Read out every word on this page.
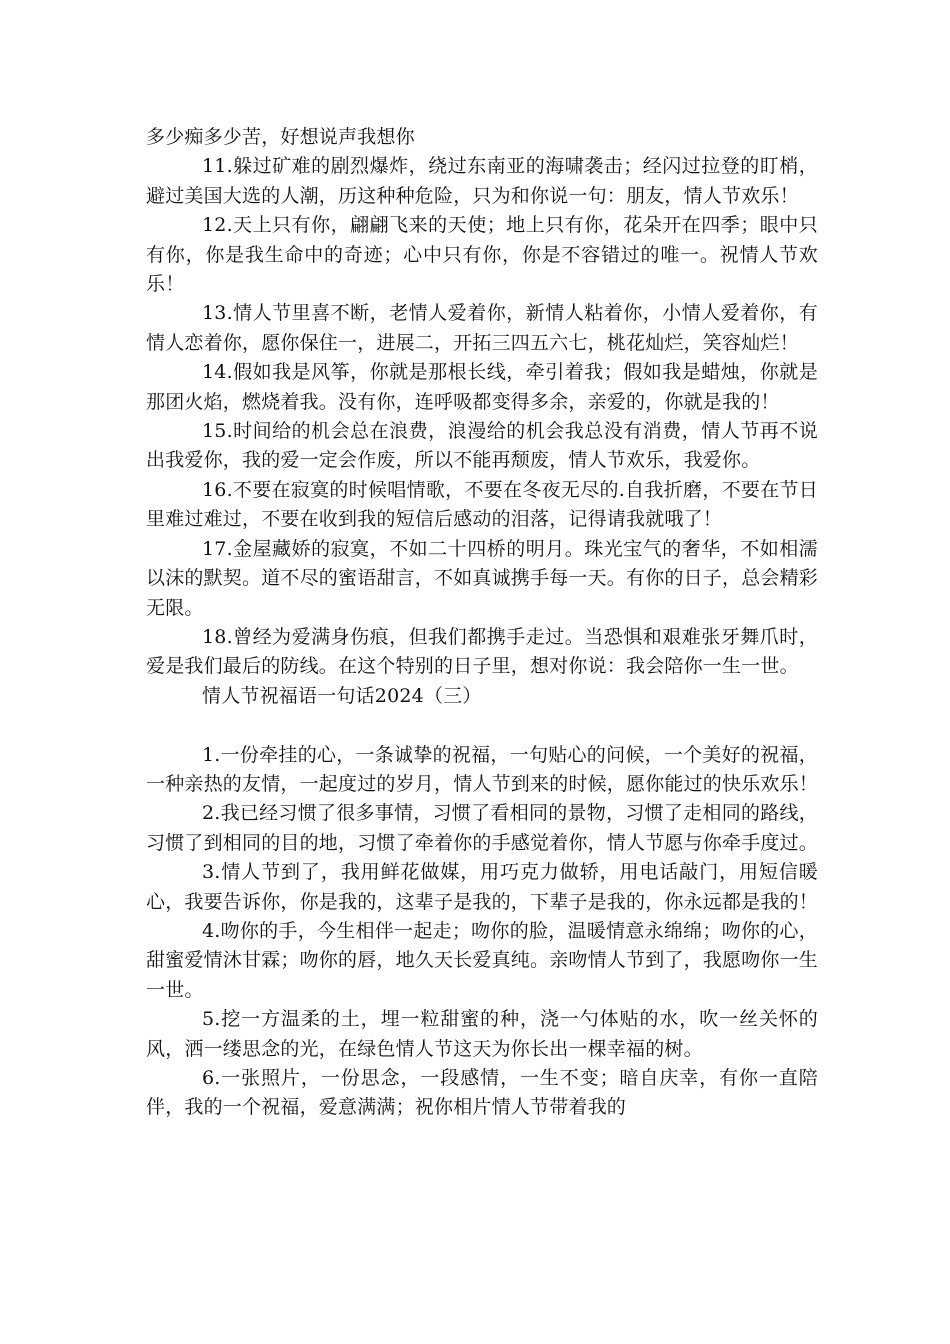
多少痴多少苦，好想说声我想你

11.躲过矿难的剧烈爆炸，绕过东南亚的海啸袭击；经闪过拉登的盯梢，避过美国大选的人潮，历这种种危险，只为和你说一句：朋友，情人节欢乐！

12.天上只有你，翩翩飞来的天使；地上只有你，花朵开在四季；眼中只有你，你是我生命中的奇迹；心中只有你，你是不容错过的唯一。祝情人节欢乐！

13.情人节里喜不断，老情人爱着你，新情人粘着你，小情人爱着你，有情人恋着你，愿你保住一，进展二，开拓三四五六七，桃花灿烂，笑容灿烂！

14.假如我是风筝，你就是那根长线，牵引着我；假如我是蜡烛，你就是那团火焰，燃烧着我。没有你，连呼吸都变得多余，亲爱的，你就是我的！

15.时间给的机会总在浪费，浪漫给的机会我总没有消费，情人节再不说出我爱你，我的爱一定会作废，所以不能再颓废，情人节欢乐，我爱你。

16.不要在寂寞的时候唱情歌，不要在冬夜无尽的.自我折磨，不要在节日里难过难过，不要在收到我的短信后感动的泪落，记得请我就哦了！

17.金屋藏娇的寂寞，不如二十四桥的明月。珠光宝气的奢华，不如相濡以沫的默契。道不尽的蜜语甜言，不如真诚携手每一天。有你的日子，总会精彩无限。

18.曾经为爱满身伤痕，但我们都携手走过。当恐惧和艰难张牙舞爪时，爱是我们最后的防线。在这个特别的日子里，想对你说：我会陪你一生一世。

情人节祝福语一句话2024（三）

1.一份牵挂的心，一条诚挚的祝福，一句贴心的问候，一个美好的祝福，一种亲热的友情，一起度过的岁月，情人节到来的时候，愿你能过的快乐欢乐！

2.我已经习惯了很多事情，习惯了看相同的景物，习惯了走相同的路线，习惯了到相同的目的地，习惯了牵着你的手感觉着你，情人节愿与你牵手度过。

3.情人节到了，我用鲜花做媒，用巧克力做轿，用电话敲门，用短信暖心，我要告诉你，你是我的，这辈子是我的，下辈子是我的，你永远都是我的！

4.吻你的手，今生相伴一起走；吻你的脸，温暖情意永绵绵；吻你的心，甜蜜爱情沐甘霖；吻你的唇，地久天长爱真纯。亲吻情人节到了，我愿吻你一生一世。

5.挖一方温柔的土，埋一粒甜蜜的种，浇一勺体贴的水，吹一丝关怀的风，洒一缕思念的光，在绿色情人节这天为你长出一棵幸福的树。

6.一张照片，一份思念，一段感情，一生不变；暗自庆幸，有你一直陪伴，我的一个祝福，爱意满满；祝你相片情人节带着我的
